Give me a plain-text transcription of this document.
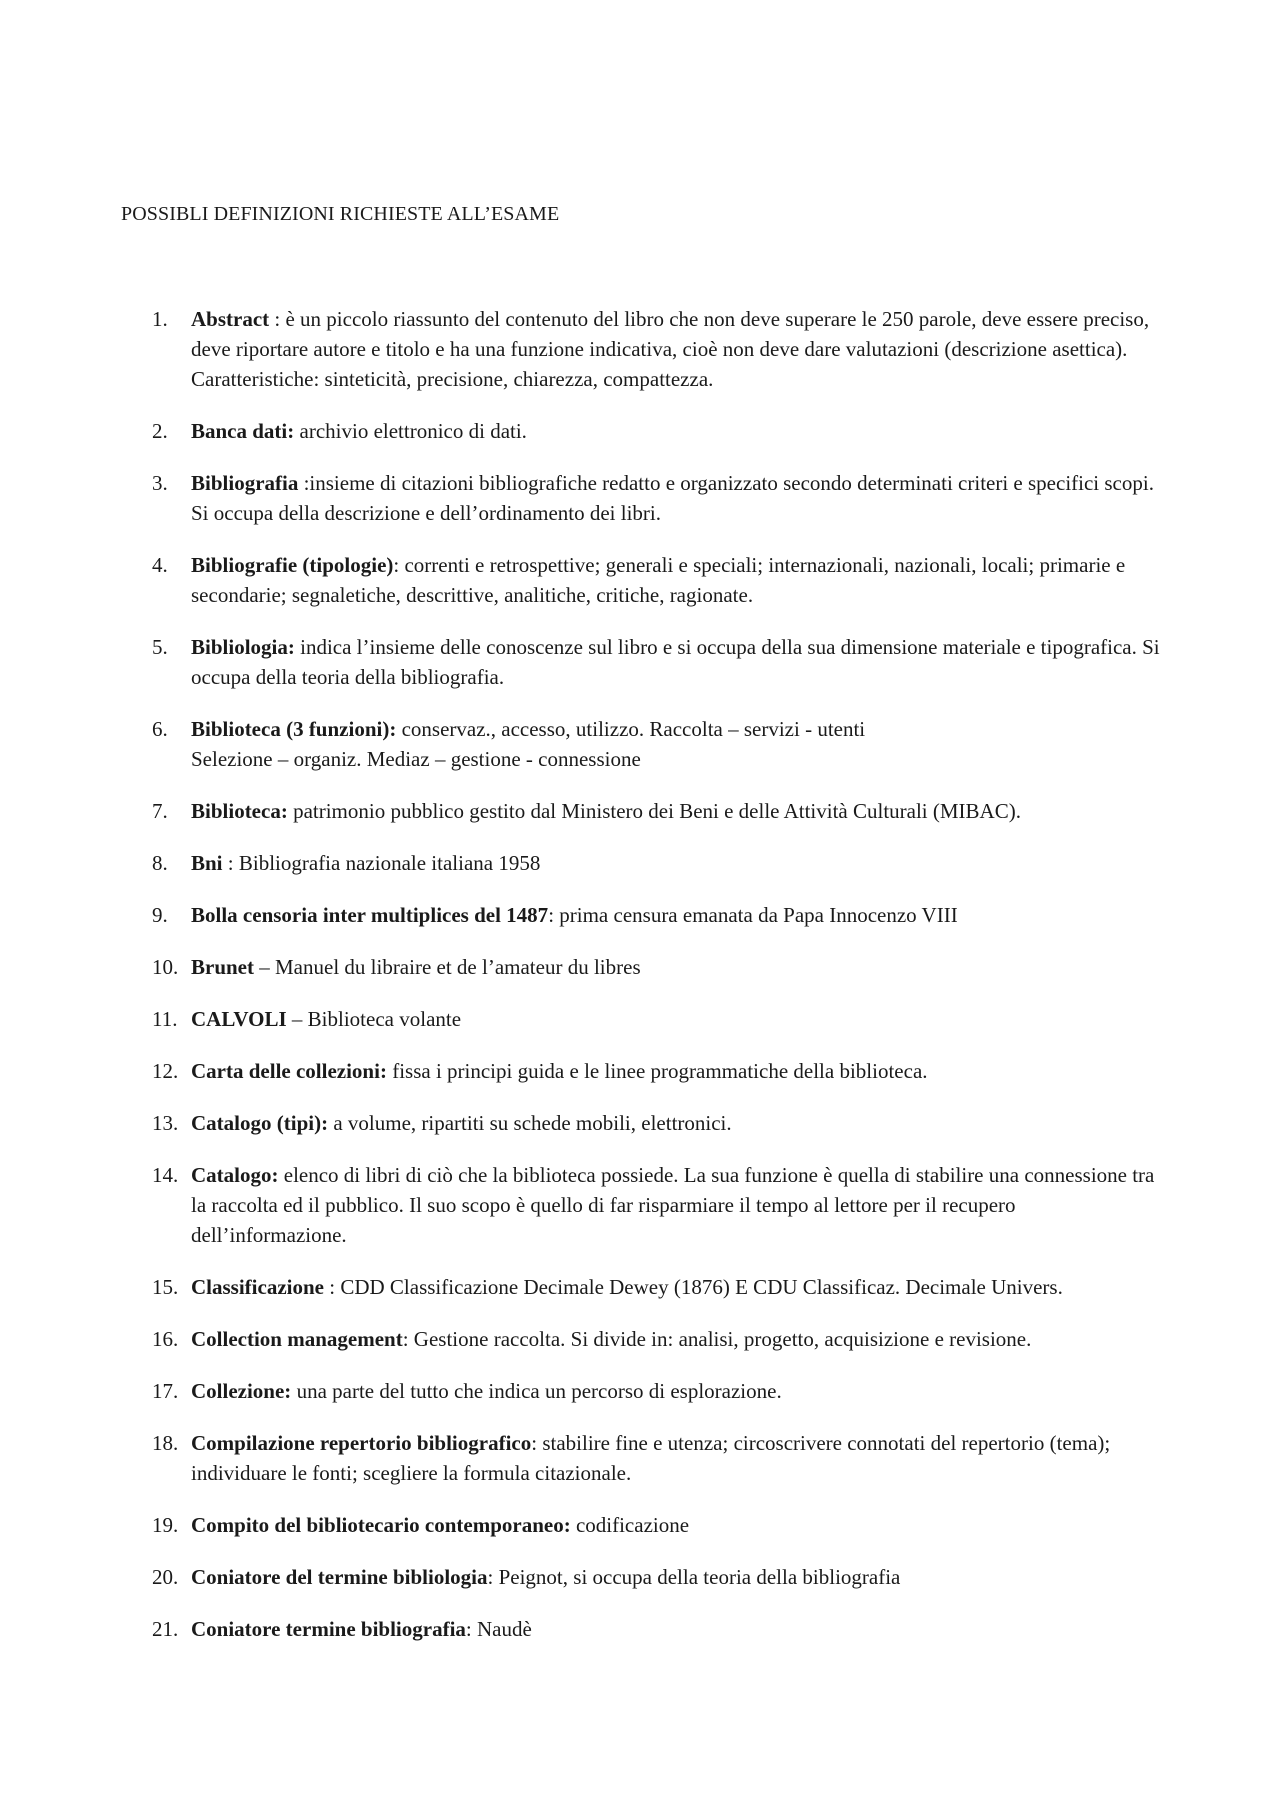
POSSIBLI DEFINIZIONI RICHIESTE ALL’ESAME
1.	Abstract : è un piccolo riassunto del contenuto del libro che non deve superare le 250 parole, deve essere preciso, deve riportare autore e titolo e ha una funzione indicativa, cioè non deve dare valutazioni (descrizione asettica). Caratteristiche: sinteticità, precisione, chiarezza, compattezza.
2.	Banca dati: archivio elettronico di dati.
3.	Bibliografia :insieme di citazioni bibliografiche redatto e organizzato secondo determinati criteri e specifici scopi. Si occupa della descrizione e dell’ordinamento dei libri.
4.	Bibliografie (tipologie): correnti e retrospettive; generali e speciali; internazionali, nazionali, locali; primarie e secondarie; segnaletiche, descrittive, analitiche, critiche, ragionate.
5.	Bibliologia: indica l’insieme delle conoscenze sul libro e si occupa della sua dimensione materiale e tipografica. Si occupa della teoria della bibliografia.
6.	Biblioteca (3 funzioni): conservaz., accesso, utilizzo. Raccolta – servizi - utenti
Selezione – organiz. Mediaz – gestione - connessione
7.	Biblioteca: patrimonio pubblico gestito dal Ministero dei Beni e delle Attività Culturali (MIBAC).
8.	Bni : Bibliografia nazionale italiana 1958
9.	Bolla censoria inter multiplices del 1487: prima censura emanata da Papa Innocenzo VIII
10. Brunet – Manuel du libraire et de l’amateur du libres
11. CALVOLI – Biblioteca volante
12. Carta delle collezioni: fissa i principi guida e le linee programmatiche della biblioteca.
13. Catalogo (tipi): a volume, ripartiti su schede mobili, elettronici.
14. Catalogo: elenco di libri di ciò che la biblioteca possiede. La sua funzione è quella di stabilire una connessione tra la raccolta ed il pubblico. Il suo scopo è quello di far risparmiare il tempo al lettore per il recupero dell’informazione.
15. Classificazione : CDD Classificazione Decimale Dewey (1876) E CDU Classificaz. Decimale Univers.
16. Collection management: Gestione raccolta. Si divide in: analisi, progetto, acquisizione e revisione.
17. Collezione: una parte del tutto che indica un percorso di esplorazione.
18. Compilazione repertorio bibliografico: stabilire fine e utenza; circoscrivere connotati del repertorio (tema); individuare le fonti; scegliere la formula citazionale.
19. Compito del bibliotecario contemporaneo: codificazione
20. Coniatore del termine bibliologia: Peignot, si occupa della teoria della bibliografia
21. Coniatore termine bibliografia: Naudè
